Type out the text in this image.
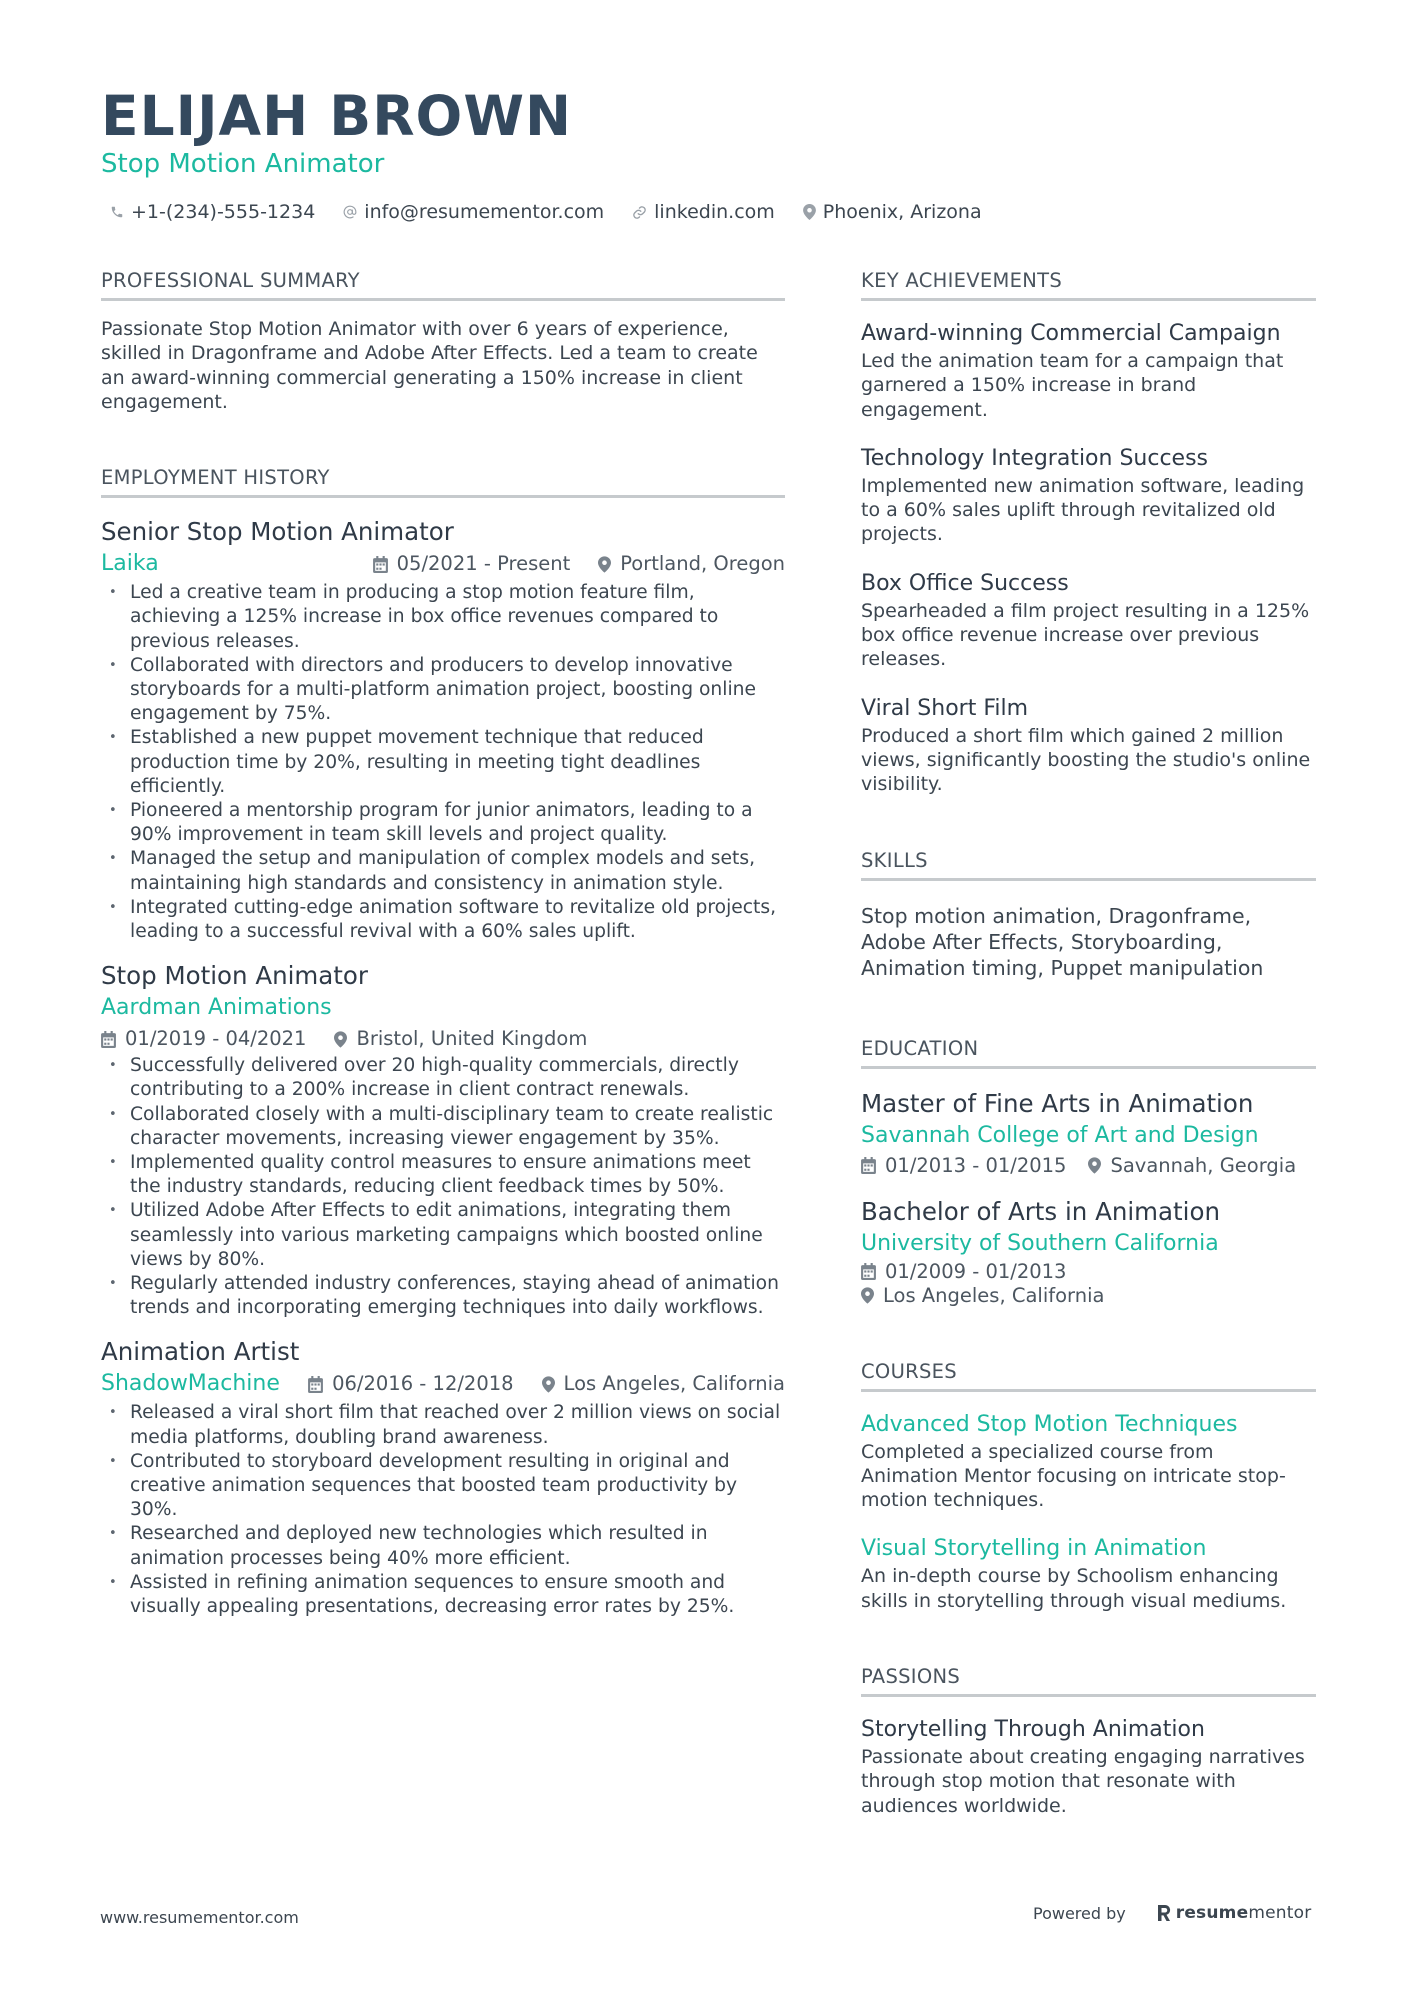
ELIJAH BROWN
Stop Motion Animator
+1-(234)-555-1234	info@resumementor.com	linkedin.com	Phoenix, Arizona
PROFESSIONAL SUMMARY
Passionate Stop Motion Animator with over 6 years of experience, skilled in Dragonframe and Adobe After Effects. Led a team to create an award-winning commercial generating a 150% increase in client engagement.
EMPLOYMENT HISTORY
Senior Stop Motion Animator
Laika	05/2021 - Present	Portland, Oregon
• Led a creative team in producing a stop motion feature film, achieving a 125% increase in box office revenues compared to previous releases.
• Collaborated with directors and producers to develop innovative storyboards for a multi-platform animation project, boosting online engagement by 75%.
• Established a new puppet movement technique that reduced production time by 20%, resulting in meeting tight deadlines efficiently.
• Pioneered a mentorship program for junior animators, leading to a 90% improvement in team skill levels and project quality.
• Managed the setup and manipulation of complex models and sets, maintaining high standards and consistency in animation style.
• Integrated cutting-edge animation software to revitalize old projects, leading to a successful revival with a 60% sales uplift.
Stop Motion Animator
Aardman Animations
01/2019 - 04/2021	Bristol, United Kingdom
• Successfully delivered over 20 high-quality commercials, directly contributing to a 200% increase in client contract renewals.
• Collaborated closely with a multi-disciplinary team to create realistic character movements, increasing viewer engagement by 35%.
• Implemented quality control measures to ensure animations meet the industry standards, reducing client feedback times by 50%.
• Utilized Adobe After Effects to edit animations, integrating them seamlessly into various marketing campaigns which boosted online views by 80%.
• Regularly attended industry conferences, staying ahead of animation trends and incorporating emerging techniques into daily workflows.
Animation Artist
ShadowMachine	06/2016 - 12/2018	Los Angeles, California
• Released a viral short film that reached over 2 million views on social media platforms, doubling brand awareness.
• Contributed to storyboard development resulting in original and creative animation sequences that boosted team productivity by 30%.
• Researched and deployed new technologies which resulted in animation processes being 40% more efficient.
• Assisted in refining animation sequences to ensure smooth and visually appealing presentations, decreasing error rates by 25%.
KEY ACHIEVEMENTS
Award-winning Commercial Campaign
Led the animation team for a campaign that garnered a 150% increase in brand engagement.
Technology Integration Success
Implemented new animation software, leading to a 60% sales uplift through revitalized old projects.
Box Office Success
Spearheaded a film project resulting in a 125% box office revenue increase over previous releases.
Viral Short Film
Produced a short film which gained 2 million views, significantly boosting the studio's online visibility.
SKILLS
Stop motion animation, Dragonframe, Adobe After Effects, Storyboarding, Animation timing, Puppet manipulation
EDUCATION
Master of Fine Arts in Animation
Savannah College of Art and Design
01/2013 - 01/2015 Savannah, Georgia
Bachelor of Arts in Animation
University of Southern California
01/2009 - 01/2013
Los Angeles, California
COURSES
Advanced Stop Motion Techniques
Completed a specialized course from Animation Mentor focusing on intricate stop-motion techniques.
Visual Storytelling in Animation
An in-depth course by Schoolism enhancing skills in storytelling through visual mediums.
PASSIONS
Storytelling Through Animation
Passionate about creating engaging narratives through stop motion that resonate with audiences worldwide.
www.resumementor.com	Powered by	resume mentor
